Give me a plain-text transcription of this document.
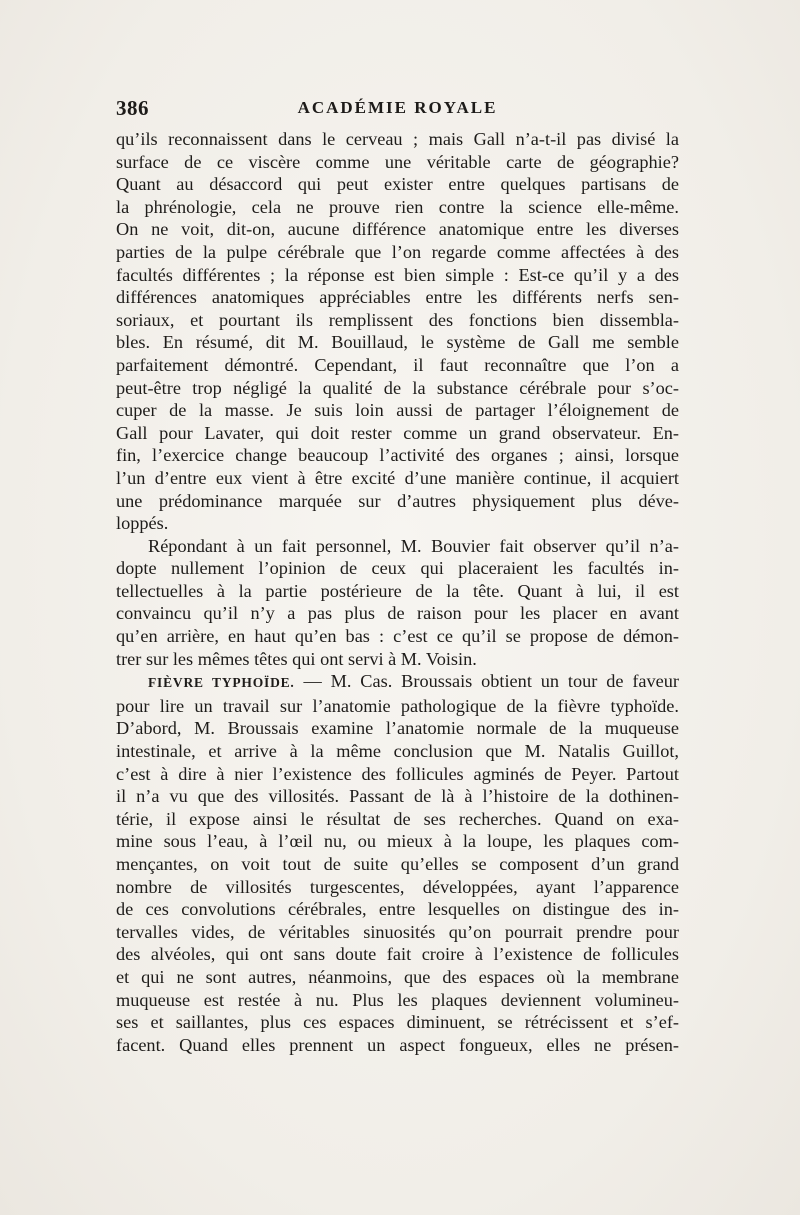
386	ACADÉMIE ROYALE
qu’ils reconnaissent dans le cerveau ; mais Gall n’a-t-il pas divisé la
surface de ce viscère comme une véritable carte de géographie?
Quant au désaccord qui peut exister entre quelques partisans de
la phrénologie, cela ne prouve rien contre la science elle-même.
On ne voit, dit-on, aucune différence anatomique entre les diverses
parties de la pulpe cérébrale que l’on regarde comme affectées à des
facultés différentes ; la réponse est bien simple : Est-ce qu’il y a des
différences anatomiques appréciables entre les différents nerfs sen-
soriaux, et pourtant ils remplissent des fonctions bien dissembla-
bles. En résumé, dit M. Bouillaud, le système de Gall me semble
parfaitement démontré. Cependant, il faut reconnaître que l’on a
peut-être trop négligé la qualité de la substance cérébrale pour s’oc-
cuper de la masse. Je suis loin aussi de partager l’éloignement de
Gall pour Lavater, qui doit rester comme un grand observateur. En-
fin, l’exercice change beaucoup l’activité des organes ; ainsi, lorsque
l’un d’entre eux vient à être excité d’une manière continue, il acquiert
une prédominance marquée sur d’autres physiquement plus déve-
loppés.
Répondant à un fait personnel, M. Bouvier fait observer qu’il n’a-
dopte nullement l’opinion de ceux qui placeraient les facultés in-
tellectuelles à la partie postérieure de la tête. Quant à lui, il est
convaincu qu’il n’y a pas plus de raison pour les placer en avant
qu’en arrière, en haut qu’en bas : c’est ce qu’il se propose de démon-
trer sur les mêmes têtes qui ont servi à M. Voisin.
FIÈVRE TYPHOÏDE. — M. Cas. Broussais obtient un tour de faveur
pour lire un travail sur l’anatomie pathologique de la fièvre typhoïde.
D’abord, M. Broussais examine l’anatomie normale de la muqueuse
intestinale, et arrive à la même conclusion que M. Natalis Guillot,
c’est à dire à nier l’existence des follicules agminés de Peyer. Partout
il n’a vu que des villosités. Passant de là à l’histoire de la dothinen-
térie, il expose ainsi le résultat de ses recherches. Quand on exa-
mine sous l’eau, à l’œil nu, ou mieux à la loupe, les plaques com-
mençantes, on voit tout de suite qu’elles se composent d’un grand
nombre de villosités turgescentes, développées, ayant l’apparence
de ces convolutions cérébrales, entre lesquelles on distingue des in-
tervalles vides, de véritables sinuosités qu’on pourrait prendre pour
des alvéoles, qui ont sans doute fait croire à l’existence de follicules
et qui ne sont autres, néanmoins, que des espaces où la membrane
muqueuse est restée à nu. Plus les plaques deviennent volumineu-
ses et saillantes, plus ces espaces diminuent, se rétrécissent et s’ef-
facent. Quand elles prennent un aspect fongueux, elles ne présen-
